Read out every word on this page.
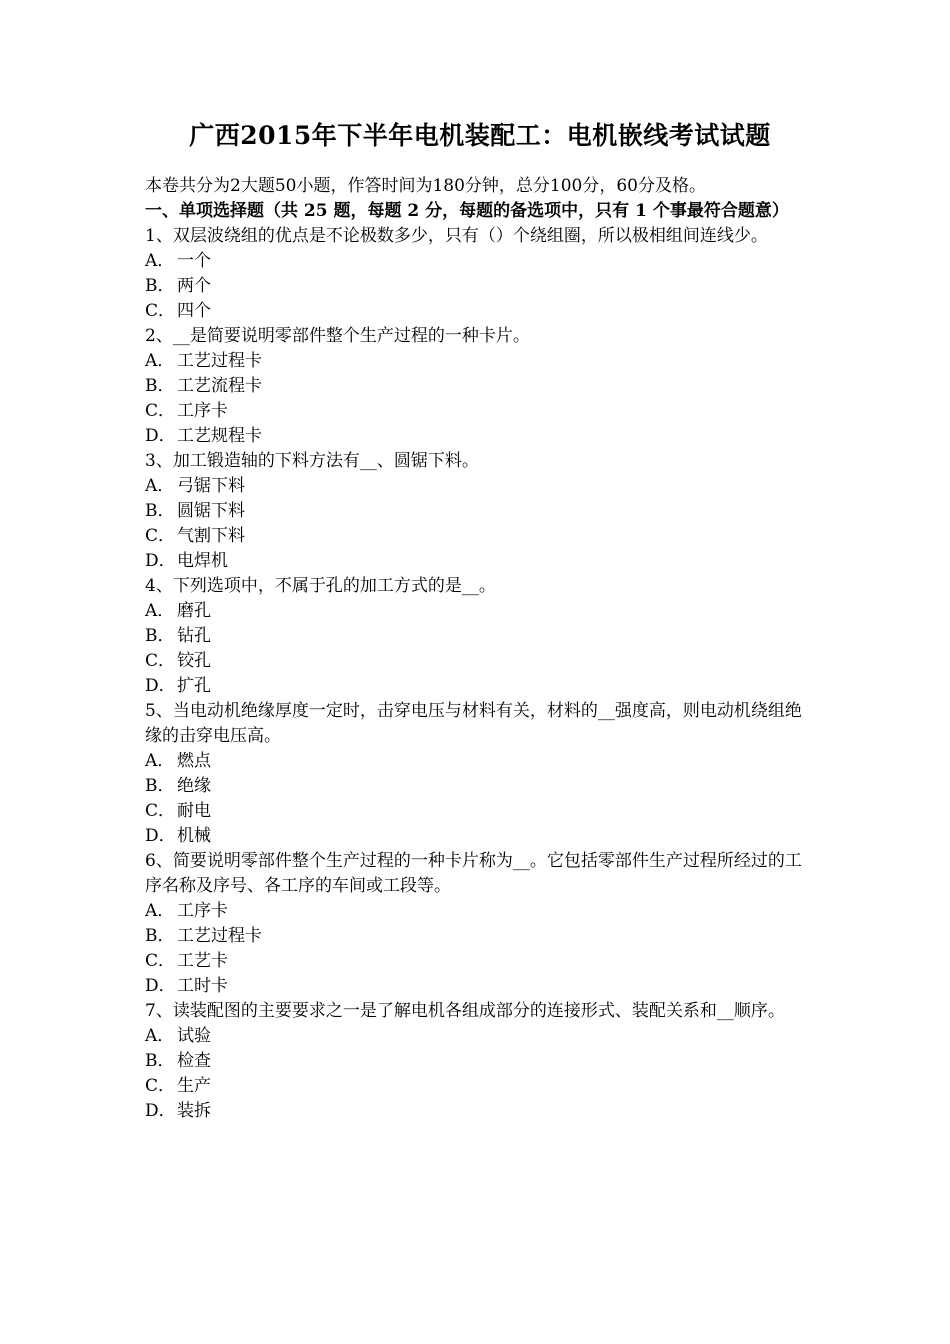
广西2015年下半年电机装配工：电机嵌线考试试题

本卷共分为2大题50小题，作答时间为180分钟，总分100分，60分及格。

一、单项选择题（共 25 题，每题 2 分，每题的备选项中，只有 1 个事最符合题意）

1、双层波绕组的优点是不论极数多少，只有（）个绕组圈，所以极相组间连线少。

A． 一个
B． 两个
C． 四个

2、__是简要说明零部件整个生产过程的一种卡片。

A． 工艺过程卡
B． 工艺流程卡
C． 工序卡
D． 工艺规程卡

3、加工锻造轴的下料方法有__、圆锯下料。

A． 弓锯下料
B． 圆锯下料
C． 气割下料
D． 电焊机

4、下列选项中，不属于孔的加工方式的是__。

A． 磨孔
B． 钻孔
C． 铰孔
D． 扩孔

5、当电动机绝缘厚度一定时，击穿电压与材料有关，材料的__强度高，则电动机绕组绝缘的击穿电压高。

A． 燃点
B． 绝缘
C． 耐电
D． 机械

6、简要说明零部件整个生产过程的一种卡片称为__。它包括零部件生产过程所经过的工序名称及序号、各工序的车间或工段等。

A． 工序卡
B． 工艺过程卡
C． 工艺卡
D． 工时卡

7、读装配图的主要要求之一是了解电机各组成部分的连接形式、装配关系和__顺序。

A． 试验
B． 检查
C． 生产
D． 装拆
